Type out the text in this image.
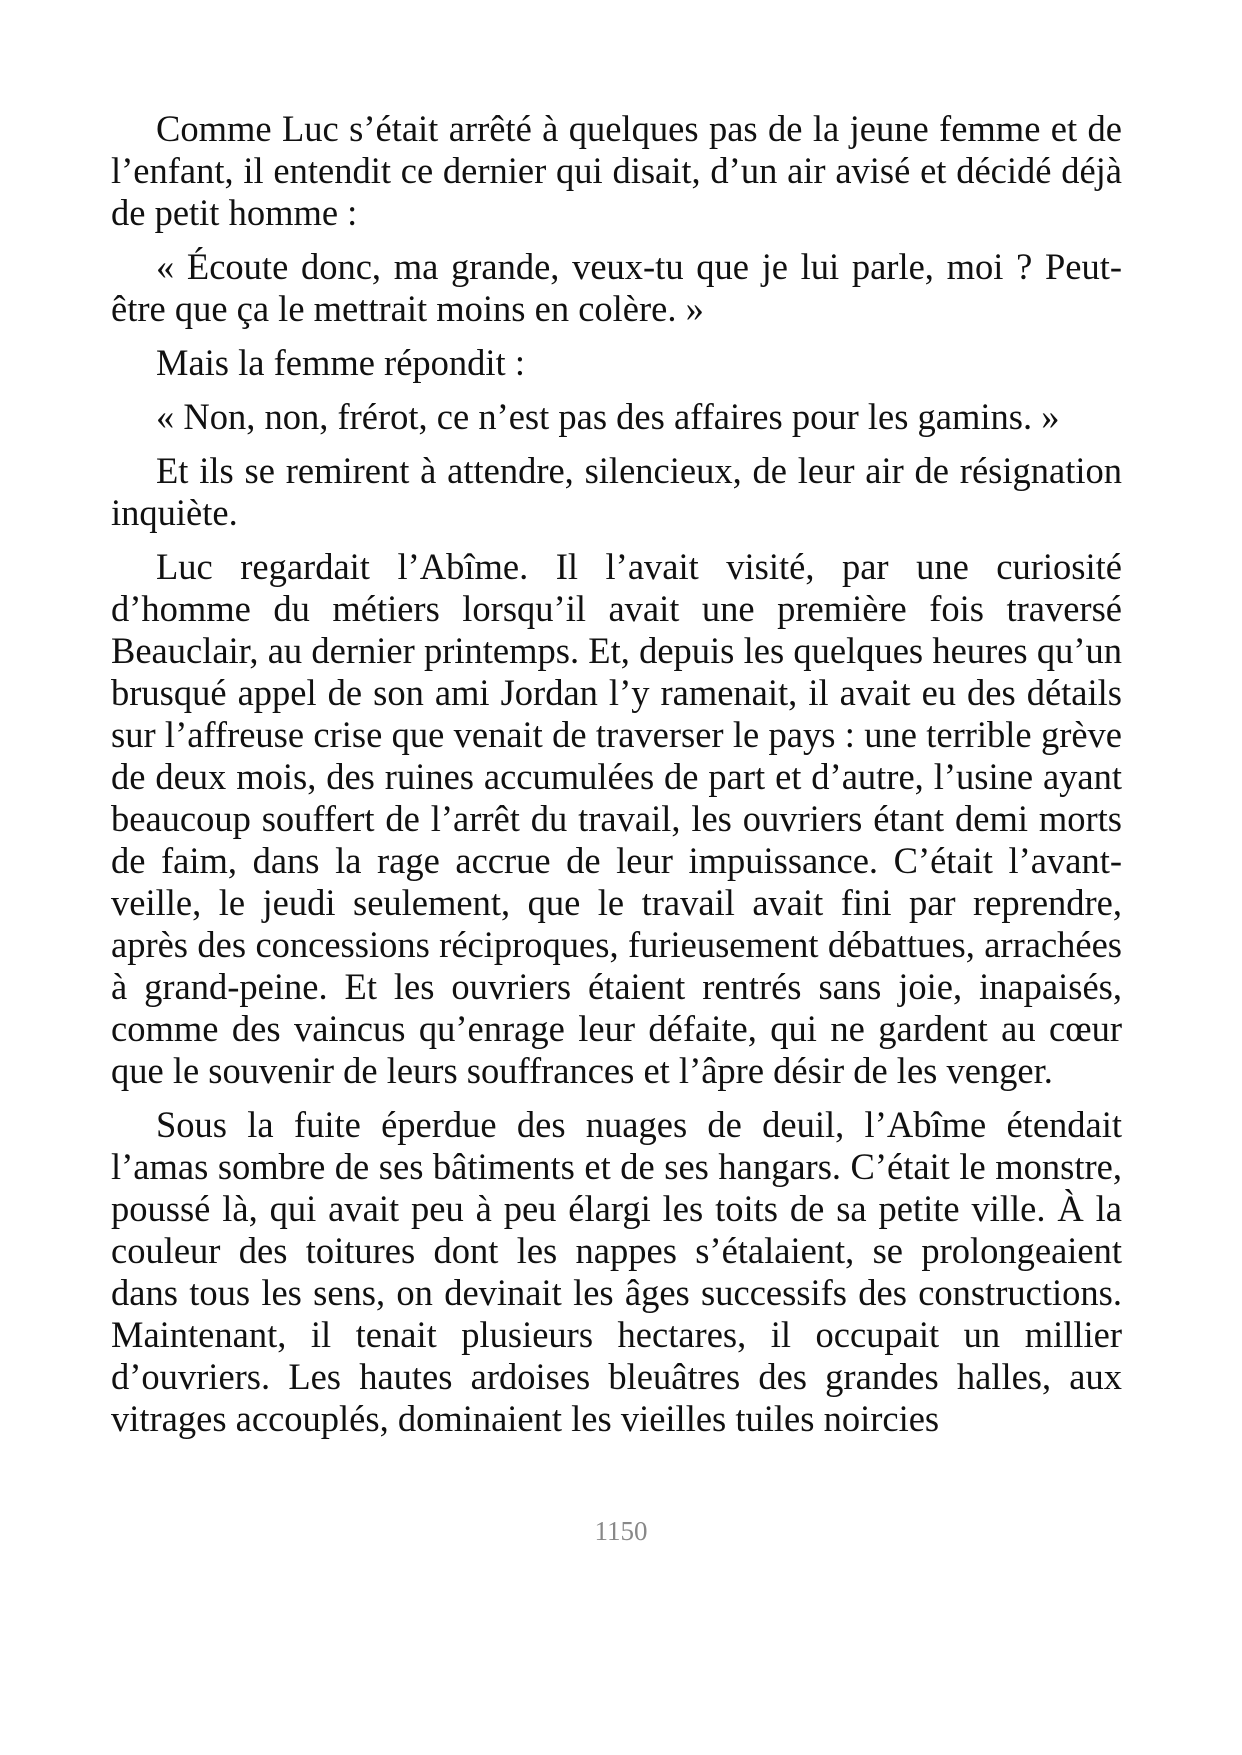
Comme Luc s’était arrêté à quelques pas de la jeune femme et de l’enfant, il entendit ce dernier qui disait, d’un air avisé et décidé déjà de petit homme :

« Écoute donc, ma grande, veux-tu que je lui parle, moi ? Peut-être que ça le mettrait moins en colère. »

Mais la femme répondit :

« Non, non, frérot, ce n’est pas des affaires pour les gamins. »

Et ils se remirent à attendre, silencieux, de leur air de résignation inquiète.

Luc regardait l’Abîme. Il l’avait visité, par une curiosité d’homme du métiers lorsqu’il avait une première fois traversé Beauclair, au dernier printemps. Et, depuis les quelques heures qu’un brusqué appel de son ami Jordan l’y ramenait, il avait eu des détails sur l’affreuse crise que venait de traverser le pays : une terrible grève de deux mois, des ruines accumulées de part et d’autre, l’usine ayant beaucoup souffert de l’arrêt du travail, les ouvriers étant demi morts de faim, dans la rage accrue de leur impuissance. C’était l’avant-veille, le jeudi seulement, que le travail avait fini par reprendre, après des concessions réciproques, furieusement débattues, arrachées à grand-peine. Et les ouvriers étaient rentrés sans joie, inapaisés, comme des vaincus qu’enrage leur défaite, qui ne gardent au cœur que le souvenir de leurs souffrances et l’âpre désir de les venger.

Sous la fuite éperdue des nuages de deuil, l’Abîme étendait l’amas sombre de ses bâtiments et de ses hangars. C’était le monstre, poussé là, qui avait peu à peu élargi les toits de sa petite ville. À la couleur des toitures dont les nappes s’étalaient, se prolongeaient dans tous les sens, on devinait les âges successifs des constructions. Maintenant, il tenait plusieurs hectares, il occupait un millier d’ouvriers. Les hautes ardoises bleuâtres des grandes halles, aux vitrages accouplés, dominaient les vieilles tuiles noircies

1150
